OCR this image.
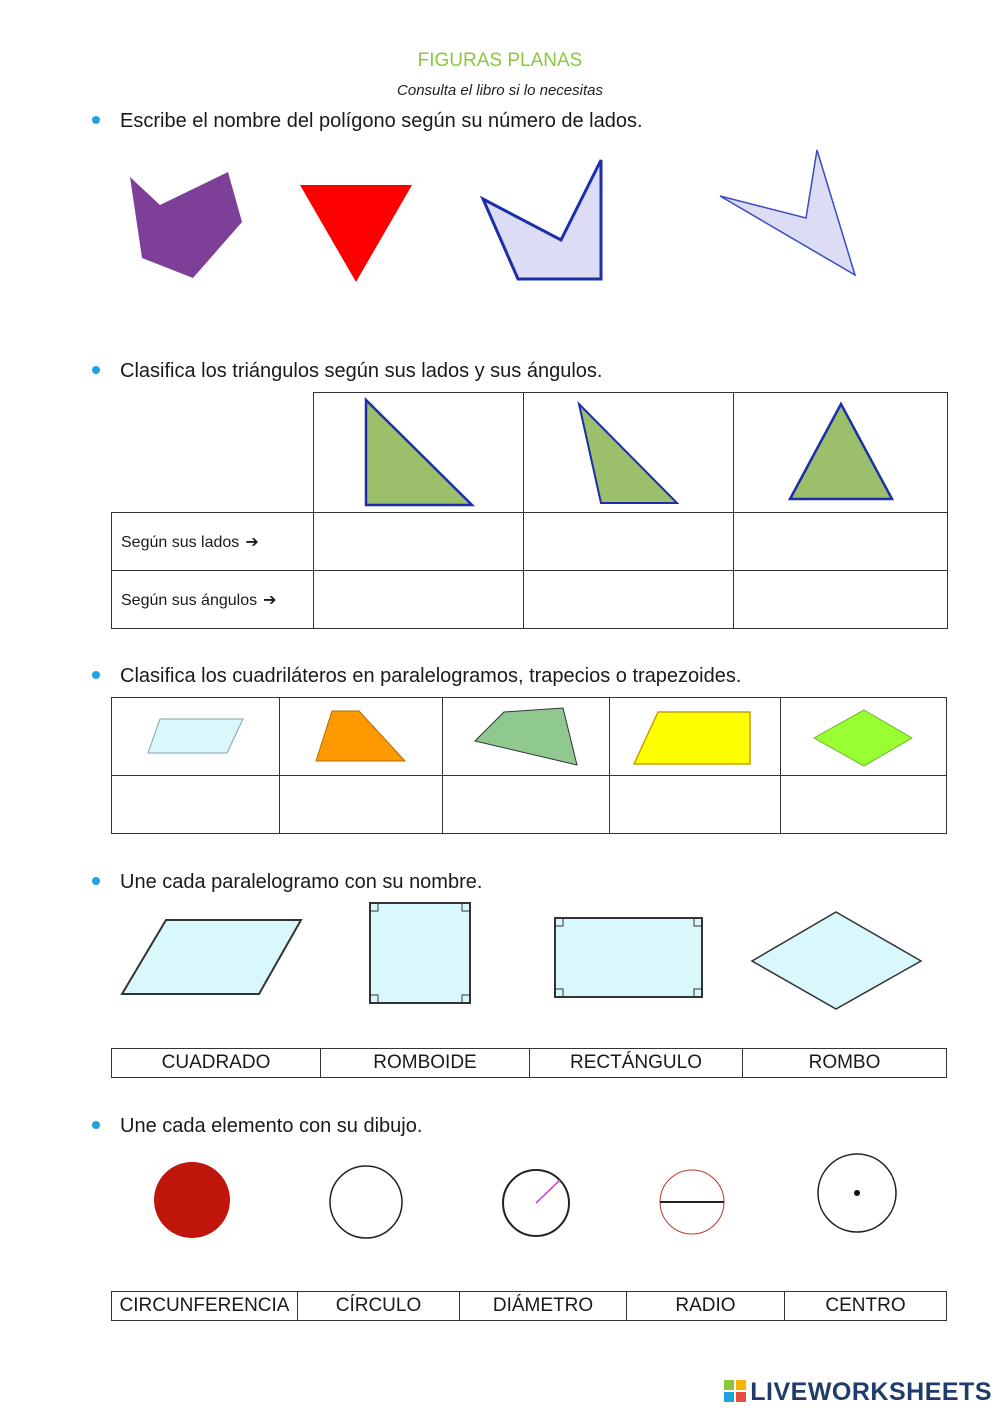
FIGURAS PLANAS
Consulta el libro si lo necesitas
Escribe el nombre del polígono según su número de lados.
Clasifica los triángulos según sus lados y sus ángulos.

Según sus lados ➔			
Según sus ángulos ➔			
Clasifica los cuadriláteros en paralelogramos, trapecios o trapezoides.

Une cada paralelogramo con su nombre.
CUADRADO	ROMBOIDE	RECTÁNGULO	ROMBO
Une cada elemento con su dibujo.
CIRCUNFERENCIA	CÍRCULO	DIÁMETRO	RADIO	CENTRO
LIVEWORKSHEETS
